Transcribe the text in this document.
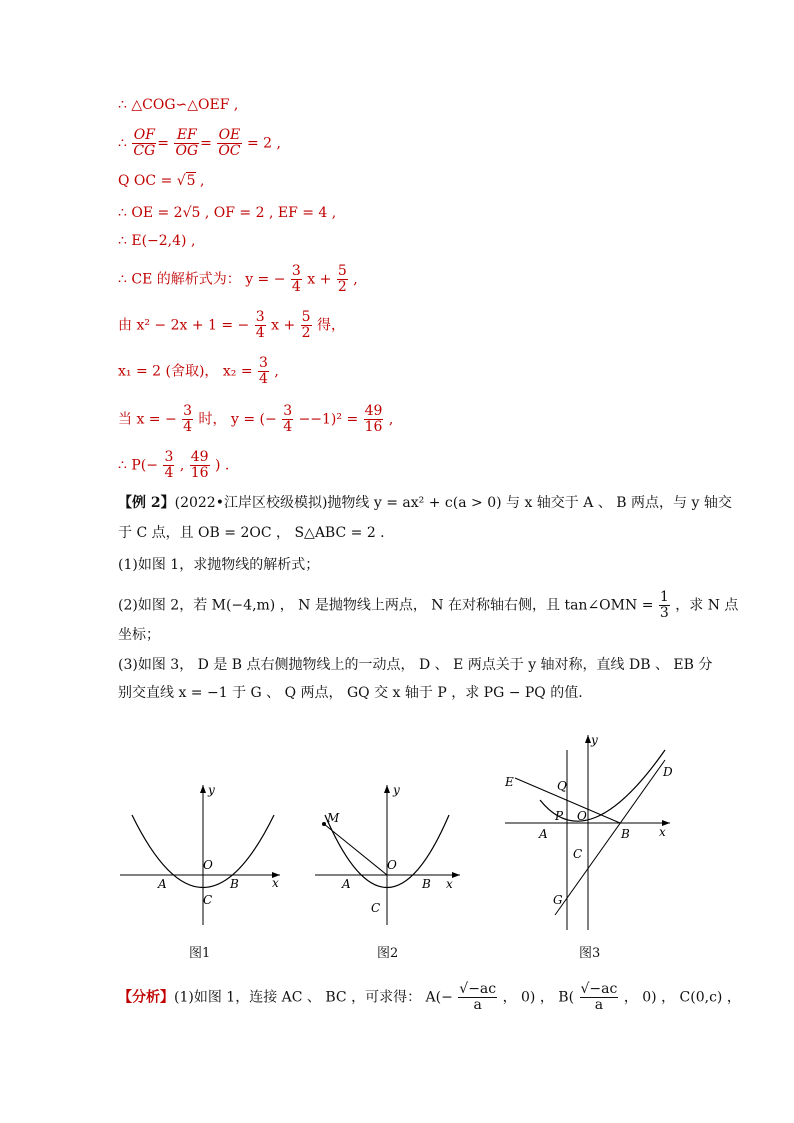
∴ △COG∽△OEF ,
∴ $\frac{OF}{CG} = \frac{EF}{OG} = \frac{OE}{OC} = 2$ ,
Q OC = √5 ,
∴ OE = 2√5 , OF = 2 , EF = 4 ,
∴ E(−2,4) ,
∴ CE 的解析式为： y = − $\frac{3}{4}$ $x + \frac{5}{2}$ ,
由 x² − 2x + 1 = − $\frac{3}{4}$ $x + \frac{5}{2}$ 得，
x₁ = 2 (舍取)， $x_2 = \frac{3}{4}$ ,
当 x = − $\frac{3}{4}$ 时， y = (− $\frac{3}{4} --1)^2 = \frac{49}{16}$ ,
∴ $P(- \frac{3}{4}$ , $\frac{49}{16}$ ) .
【例 2】(2022•江岸区校级模拟)抛物线 y = ax² + c(a > 0) 与 x 轴交于 A 、 B 两点，与 y 轴交
于 C 点，且 OB = 2OC ， S△ABC = 2 .
(1)如图 1，求抛物线的解析式；
(2)如图 2，若 M(−4,m) ， N 是抛物线上两点， N 在对称轴右侧，且 tan∠OMN = $\frac{1}{3}$ ，求 N 点
坐标；
(3)如图 3， D 是 B 点右侧抛物线上的一动点， D 、 E 两点关于 y 轴对称，直线 DB 、 EB 分
别交直线 x = −1 于 G 、 Q 两点， GQ 交 x 轴于 P ，求 PG − PQ 的值.
y
x
O
A	B
C
图1
M
y
x
O
A	B
C
图2
y
x
E
D
Q
P O
A	B
C
G
图3
【分析】(1)如图 1，连接 AC 、 BC ，可求得： $A(- \frac{√-ac}{a}$ ， 0) ， $B( \frac{√-ac}{a}$ ， 0) ， C(0,c) ，
